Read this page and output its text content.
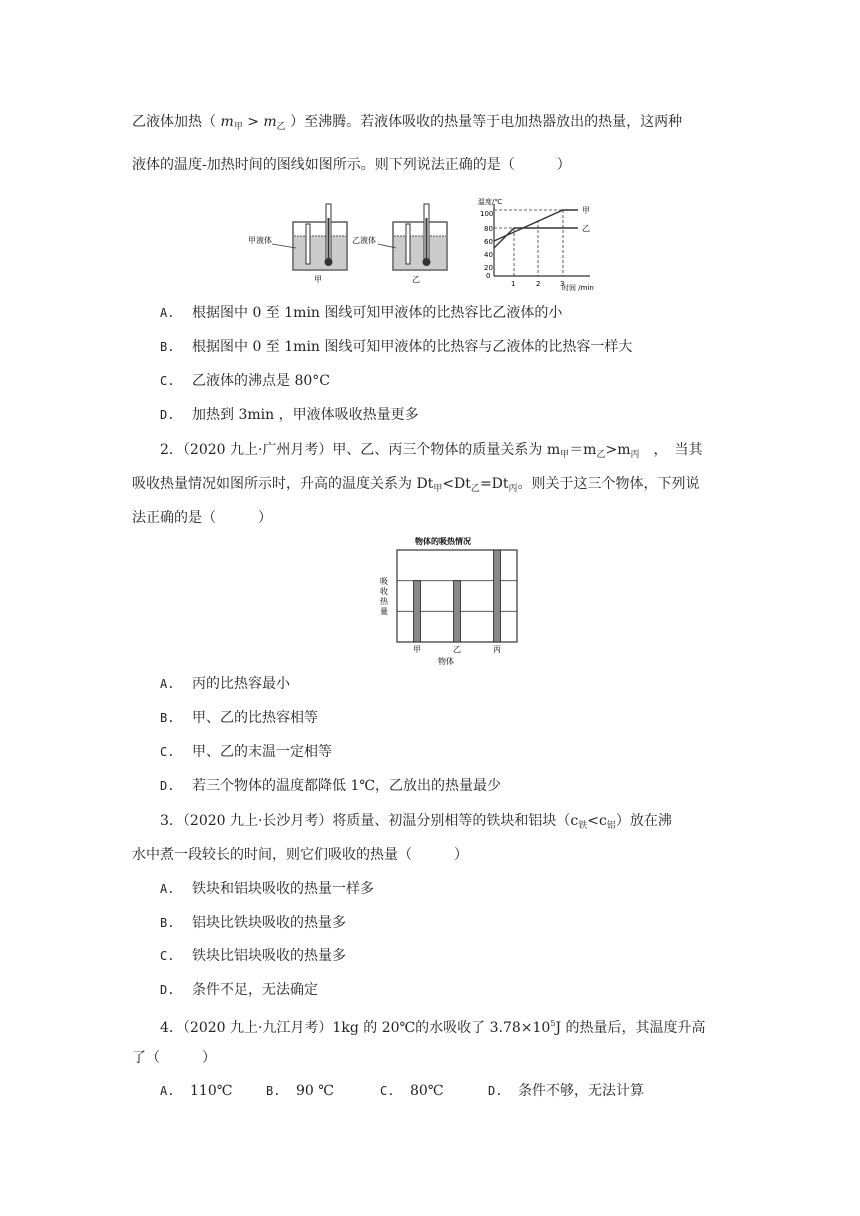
乙液体加热（ $m_甲 > m_乙$ ）至沸腾。若液体吸收的热量等于电加热器放出的热量，这两种
液体的温度-加热时间的图线如图所示。则下列说法正确的是（　　　）
甲液体
甲
乙液体
乙
温度/℃
时间 /min
100
80
60
40
20
0
1	2	3
甲
乙
A. 根据图中 0 至 1min 图线可知甲液体的比热容比乙液体的小
B. 根据图中 0 至 1min 图线可知甲液体的比热容与乙液体的比热容一样大
C. 乙液体的沸点是 80°C
D. 加热到 3min ，甲液体吸收热量更多
2．（2020 九上·广州月考）甲、乙、丙三个物体的质量关系为 $m_甲=m_乙>m_丙$　，　当其
吸收热量情况如图所示时，升高的温度关系为 $Dt_甲<Dt_乙=Dt_丙$。则关于这三个物体，下列说
法正确的是（　　　）
物体的吸热情况
甲	乙	丙
吸
收
热
量
物体
A. 丙的比热容最小
B. 甲、乙的比热容相等
C. 甲、乙的末温一定相等
D. 若三个物体的温度都降低 1℃，乙放出的热量最少
3．（2020 九上·长沙月考）将质量、初温分别相等的铁块和铝块$(c_铁<c_铝)$放在沸
水中煮一段较长的时间，则它们吸收的热量（　　　）
A. 铁块和铝块吸收的热量一样多
B. 铝块比铁块吸收的热量多
C. 铁块比铝块吸收的热量多
D. 条件不足，无法确定
4．（2020 九上·九江月考）1kg 的 20℃的水吸收了 $3.78\times 10^5J$ 的热量后，其温度升高
了（　　　）
A. 110℃	B. 90 ℃	C. 80℃	D. 条件不够，无法计算
